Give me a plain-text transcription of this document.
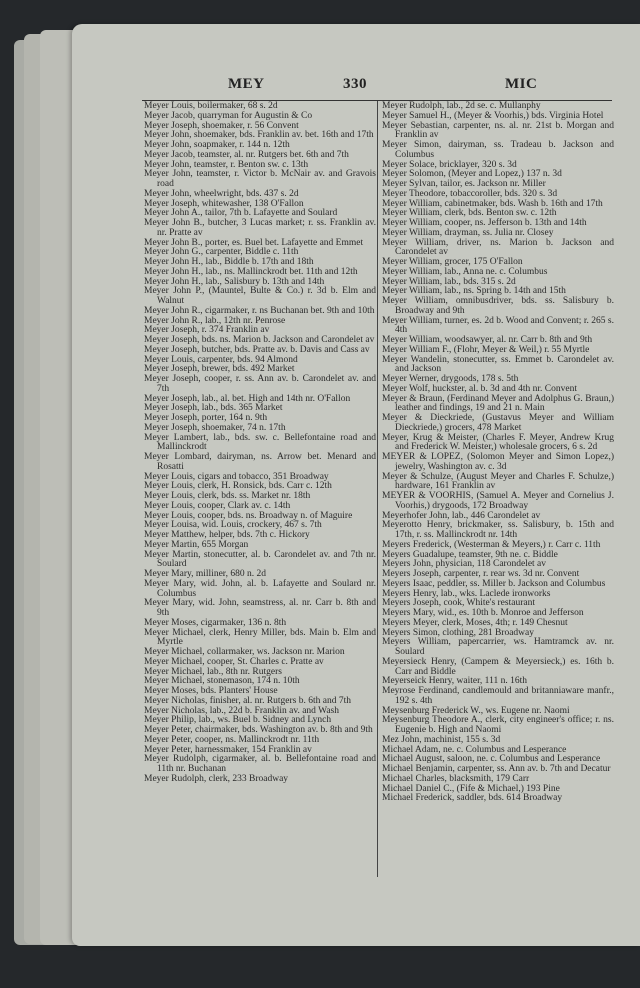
MEY	330	MIC
Meyer Louis, boilermaker, 68 s. 2d
Meyer Jacob, quarryman for Augustin & Co
Meyer Joseph, shoemaker, r. 56 Convent
Meyer John, shoemaker, bds. Franklin av. bet. 16th and 17th
Meyer John, soapmaker, r. 144 n. 12th
Meyer Jacob, teamster, al. nr. Rutgers bet. 6th and 7th
Meyer John, teamster, r. Benton sw. c. 13th
Meyer John, teamster, r. Victor b. McNair av. and Gravois road
Meyer John, wheelwright, bds. 437 s. 2d
Meyer Joseph, whitewasher, 138 O'Fallon
Meyer John A., tailor, 7th b. Lafayette and Soulard
Meyer John B., butcher, 3 Lucas market; r. ss. Franklin av. nr. Pratte av
Meyer John B., porter, es. Buel bet. Lafayette and Emmet
Meyer John G., carpenter, Biddle c. 11th
Meyer John H., lab., Biddle b. 17th and 18th
Meyer John H., lab., ns. Mallinckrodt bet. 11th and 12th
Meyer John H., lab., Salisbury b. 13th and 14th
Meyer John P., (Mauntel, Bulte & Co.) r. 3d b. Elm and Walnut
Meyer John R., cigarmaker, r. ns Buchanan bet. 9th and 10th
Meyer John R., lab., 12th nr. Penrose
Meyer Joseph, r. 374 Franklin av
Meyer Joseph, bds. ns. Marion b. Jackson and Carondelet av
Meyer Joseph, butcher, bds. Pratte av. b. Davis and Cass av
Meyer Louis, carpenter, bds. 94 Almond
Meyer Joseph, brewer, bds. 492 Market
Meyer Joseph, cooper, r. ss. Ann av. b. Carondelet av. and 7th
Meyer Joseph, lab., al. bet. High and 14th nr. O'Fallon
Meyer Joseph, lab., bds. 365 Market
Meyer Joseph, porter, 164 n. 9th
Meyer Joseph, shoemaker, 74 n. 17th
Meyer Lambert, lab., bds. sw. c. Bellefontaine road and Mallinckrodt
Meyer Lombard, dairyman, ns. Arrow bet. Menard and Rosatti
Meyer Louis, cigars and tobacco, 351 Broadway
Meyer Louis, clerk, H. Ronsick, bds. Carr c. 12th
Meyer Louis, clerk, bds. ss. Market nr. 18th
Meyer Louis, cooper, Clark av. c. 14th
Meyer Louis, cooper, bds. ns. Broadway n. of Maguire
Meyer Louisa, wid. Louis, crockery, 467 s. 7th
Meyer Matthew, helper, bds. 7th c. Hickory
Meyer Martin, 655 Morgan
Meyer Martin, stonecutter, al. b. Carondelet av. and 7th nr. Soulard
Meyer Mary, milliner, 680 n. 2d
Meyer Mary, wid. John, al. b. Lafayette and Soulard nr. Columbus
Meyer Mary, wid. John, seamstress, al. nr. Carr b. 8th and 9th
Meyer Moses, cigarmaker, 136 n. 8th
Meyer Michael, clerk, Henry Miller, bds. Main b. Elm and Myrtle
Meyer Michael, collarmaker, ws. Jackson nr. Marion
Meyer Michael, cooper, St. Charles c. Pratte av
Meyer Michael, lab., 8th nr. Rutgers
Meyer Michael, stonemason, 174 n. 10th
Meyer Moses, bds. Planters' House
Meyer Nicholas, finisher, al. nr. Rutgers b. 6th and 7th
Meyer Nicholas, lab., 22d b. Franklin av. and Wash
Meyer Philip, lab., ws. Buel b. Sidney and Lynch
Meyer Peter, chairmaker, bds. Washington av. b. 8th and 9th
Meyer Peter, cooper, ns. Mallinckrodt nr. 11th
Meyer Peter, harnessmaker, 154 Franklin av
Meyer Rudolph, cigarmaker, al. b. Bellefontaine road and 11th nr. Buchanan
Meyer Rudolph, clerk, 233 Broadway
Meyer Rudolph, lab., 2d se. c. Mullanphy
Meyer Samuel H., (Meyer & Voorhis,) bds. Virginia Hotel
Meyer Sebastian, carpenter, ns. al. nr. 21st b. Morgan and Franklin av
Meyer Simon, dairyman, ss. Tradeau b. Jackson and Columbus
Meyer Solace, bricklayer, 320 s. 3d
Meyer Solomon, (Meyer and Lopez,) 137 n. 3d
Meyer Sylvan, tailor, es. Jackson nr. Miller
Meyer Theodore, tobaccoroller, bds. 320 s. 3d
Meyer William, cabinetmaker, bds. Wash b. 16th and 17th
Meyer William, clerk, bds. Benton sw. c. 12th
Meyer William, cooper, ns. Jefferson b. 13th and 14th
Meyer William, drayman, ss. Julia nr. Closey
Meyer William, driver, ns. Marion b. Jackson and Carondelet av
Meyer William, grocer, 175 O'Fallon
Meyer William, lab., Anna ne. c. Columbus
Meyer William, lab., bds. 315 s. 2d
Meyer William, lab., ns. Spring b. 14th and 15th
Meyer William, omnibusdriver, bds. ss. Salisbury b. Broadway and 9th
Meyer William, turner, es. 2d b. Wood and Convent; r. 265 s. 4th
Meyer William, woodsawyer, al. nr. Carr b. 8th and 9th
Meyer William F., (Flohr, Meyer & Weil,) r. 55 Myrtle
Meyer Wandelin, stonecutter, ss. Emmet b. Carondelet av. and Jackson
Meyer Werner, drygoods, 178 s. 5th
Meyer Wolf, huckster, al. b. 3d and 4th nr. Convent
Meyer & Braun, (Ferdinand Meyer and Adolphus G. Braun,) leather and findings, 19 and 21 n. Main
Meyer & Dieckriede, (Gustavus Meyer and William Dieckriede,) grocers, 478 Market
Meyer, Krug & Meister, (Charles F. Meyer, Andrew Krug and Frederick W. Meister,) wholesale grocers, 6 s. 2d
MEYER & LOPEZ, (Solomon Meyer and Simon Lopez,) jewelry, Washington av. c. 3d
Meyer & Schulze, (August Meyer and Charles F. Schulze,) hardware, 161 Franklin av
MEYER & VOORHIS, (Samuel A. Meyer and Cornelius J. Voorhis,) drygoods, 172 Broadway
Meyerhofer John, lab., 446 Carondelet av
Meyerotto Henry, brickmaker, ss. Salisbury, b. 15th and 17th, r. ss. Mallinckrodt nr. 14th
Meyers Frederick, (Westerman & Meyers,) r. Carr c. 11th
Meyers Guadalupe, teamster, 9th ne. c. Biddle
Meyers John, physician, 118 Carondelet av
Meyers Joseph, carpenter, r. rear ws. 3d nr. Convent
Meyers Isaac, peddler, ss. Miller b. Jackson and Columbus
Meyers Henry, lab., wks. Laclede ironworks
Meyers Joseph, cook, White's restaurant
Meyers Mary, wid., es. 10th b. Monroe and Jefferson
Meyers Meyer, clerk, Moses, 4th; r. 149 Chesnut
Meyers Simon, clothing, 281 Broadway
Meyers William, papercarrier, ws. Hamtramck av. nr. Soulard
Meyersieck Henry, (Campem & Meyersieck,) es. 16th b. Carr and Biddle
Meyerseick Henry, waiter, 111 n. 16th
Meyrose Ferdinand, candlemould and britanniaware manfr., 192 s. 4th
Meysenburg Frederick W., ws. Eugene nr. Naomi
Meysenburg Theodore A., clerk, city engineer's office; r. ns. Eugenie b. High and Naomi
Mez John, machinist, 155 s. 3d
Michael Adam, ne. c. Columbus and Lesperance
Michael August, saloon, ne. c. Columbus and Lesperance
Michael Benjamin, carpenter, ss. Ann av. b. 7th and Decatur
Michael Charles, blacksmith, 179 Carr
Michael Daniel C., (Fife & Michael,) 193 Pine
Michael Frederick, saddler, bds. 614 Broadway
